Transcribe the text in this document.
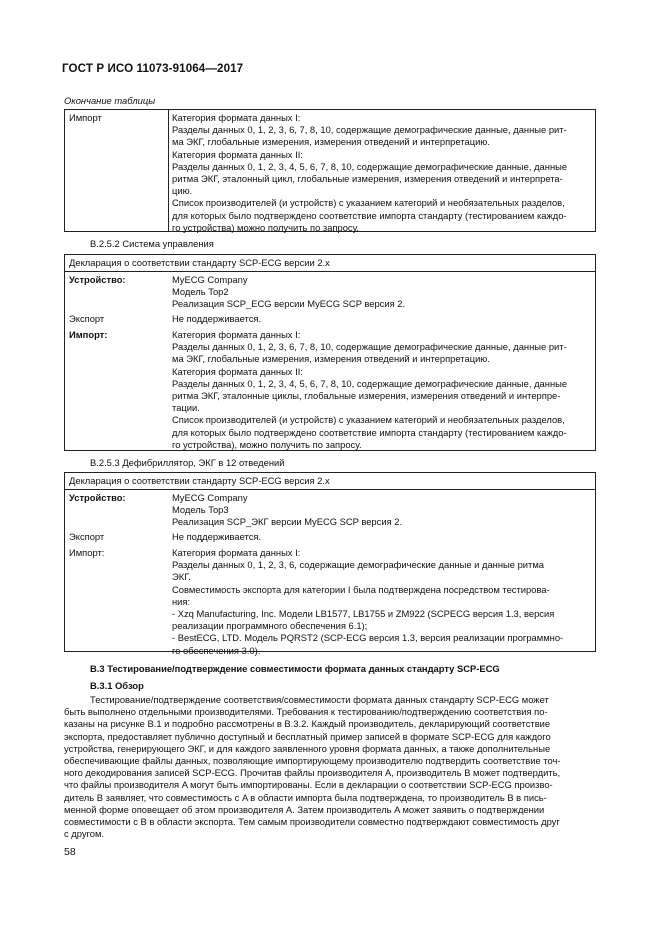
ГОСТ Р ИСО 11073-91064—2017
Окончание таблицы
Импорт	Категория формата данных I:
Разделы данных 0, 1, 2, 3, 6, 7, 8, 10, содержащие демографические данные, данные рит-
ма ЭКГ, глобальные измерения, измерения отведений и интерпретацию.
Категория формата данных II:
Разделы данных 0, 1, 2, 3, 4, 5, 6, 7, 8, 10, содержащие демографические данные, данные
ритма ЭКГ, эталонный цикл, глобальные измерения, измерения отведений и интерпрета-
цию.
Список производителей (и устройств) с указанием категорий и необязательных разделов,
для которых было подтверждено соответствие импорта стандарту (тестированием каждо-
го устройства) можно получить по запросу.
B.2.5.2 Система управления
Декларация о соответствии стандарту SCP-ECG версии 2.x
Устройство:	MyECG Company
Модель Top2
Реализация SCP_ECG версии MyECG SCP версия 2.
Экспорт	Не поддерживается.
Импорт:	Категория формата данных I:
Разделы данных 0, 1, 2, 3, 6, 7, 8, 10, содержащие демографические данные, данные рит-
ма ЭКГ, глобальные измерения, измерения отведений и интерпретацию.
Категория формата данных II:
Разделы данных 0, 1, 2, 3, 4, 5, 6, 7, 8, 10, содержащие демографические данные, данные
ритма ЭКГ, эталонные циклы, глобальные измерения, измерения отведений и интерпре-
тации.
Список производителей (и устройств) с указанием категорий и необязательных разделов,
для которых было подтверждено соответствие импорта стандарту (тестированием каждо-
го устройства), можно получить по запросу.
B.2.5.3 Дефибриллятор, ЭКГ в 12 отведений
Декларация о соответствии стандарту SCP-ECG версия 2.x
Устройство:	MyECG Company
Модель Top3
Реализация SCP_ЭКГ версии MyECG SCP версия 2.
Экспорт	Не поддерживается.
Импорт:	Категория формата данных I:
Разделы данных 0, 1, 2, 3, 6, содержащие демографические данные и данные ритма
ЭКГ.
Совместимость экспорта для категории I была подтверждена посредством тестирова-
ния:
- Xzq Manufacturing, Inc. Модели LB1577, LB1755 и ZM922 (SCPECG версия 1.3, версия
реализации программного обеспечения 6.1);
- BestECG, LTD. Модель PQRST2 (SCP-ECG версия 1.3, версия реализации программно-
го обеспечения 3.0).
B.3 Тестирование/подтверждение совместимости формата данных стандарту SCP-ECG
B.3.1 Обзор
Тестирование/подтверждение соответствия/совместимости формата данных стандарту SCP-ECG может
быть выполнено отдельными производителями. Требования к тестированию/подтверждению соответствия по-
казаны на рисунке B.1 и подробно рассмотрены в B.3.2. Каждый производитель, декларирующий соответствие
экспорта, предоставляет публично доступный и бесплатный пример записей в формате SCP-ECG для каждого
устройства, генерирующего ЭКГ, и для каждого заявленного уровня формата данных, а также дополнительные
обеспечивающие файлы данных, позволяющие импортирующему производителю подтвердить соответствие точ-
ного декодирования записей SCP-ECG. Прочитав файлы производителя A, производитель B может подтвердить,
что файлы производителя A могут быть импортированы. Если в декларации о соответствии SCP-ECG произво-
дитель B заявляет, что совместимость с A в области импорта была подтверждена, то производитель B в пись-
менной форме оповещает об этом производителя A. Затем производитель A может заявить о подтверждении
совместимости с B в области экспорта. Тем самым производители совместно подтверждают совместимость друг
с другом.
58
